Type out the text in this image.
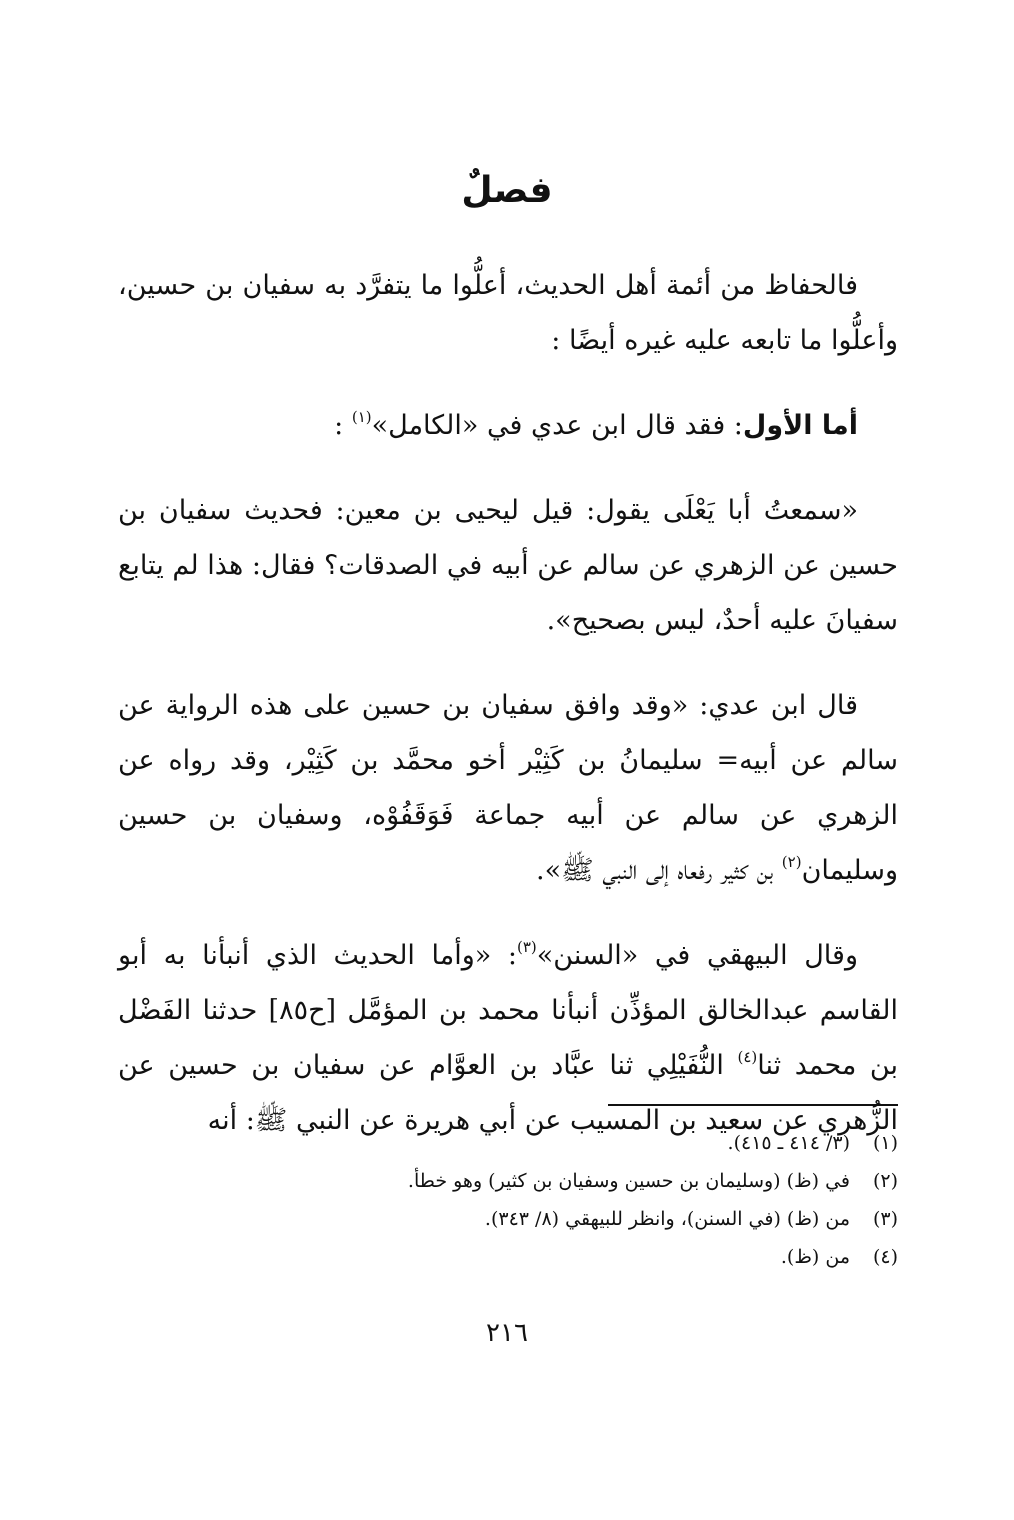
فصلٌ

فالحفاظ من أئمة أهل الحديث، أعلُّوا ما يتفرَّد به سفيان بن حسين، وأعلُّوا ما تابعه عليه غيره أيضًا :

أما الأول: فقد قال ابن عدي في «الكامل»$^{(١)}$ :

«سمعتُ أبا يَعْلَى يقول: قيل ليحيى بن معين: فحديث سفيان بن حسين عن الزهري عن سالم عن أبيه في الصدقات؟ فقال: هذا لم يتابع سفيانَ عليه أحدٌ، ليس بصحيح».

قال ابن عدي: «وقد وافق سفيان بن حسين على هذه الرواية عن سالم عن أبيه= سليمانُ بن كَثِيْر أخو محمَّد بن كَثِيْر، وقد رواه عن الزهري عن سالم عن أبيه جماعة فَوَقَفُوْه، وسفيان بن حسين وسليمان$^{(٢)}$ بن كثير رفعاه إلى النبي ﷺ».

وقال البيهقي في «السنن»$^{(٣)}$: «وأما الحديث الذي أنبأنا به أبو القاسم عبدالخالق المؤذِّن أنبأنا محمد بن المؤمَّل [ح٨٥] حدثنا الفَضْل بن محمد ثنا$^{(٤)}$ النُّفَيْلِي ثنا عبَّاد بن العوَّام عن سفيان بن حسين عن الزُّهري عن سعيد بن المسيب عن أبي هريرة عن النبي ﷺ: أنه

(١)(٣/ ٤١٤ ـ ٤١٥).
(٢)في (ظ) (وسليمان بن حسين وسفيان بن كثير) وهو خطأ.
(٣)من (ظ) (في السنن)، وانظر للبيهقي (٨/ ٣٤٣).
(٤)من (ظ).
٢١٦
